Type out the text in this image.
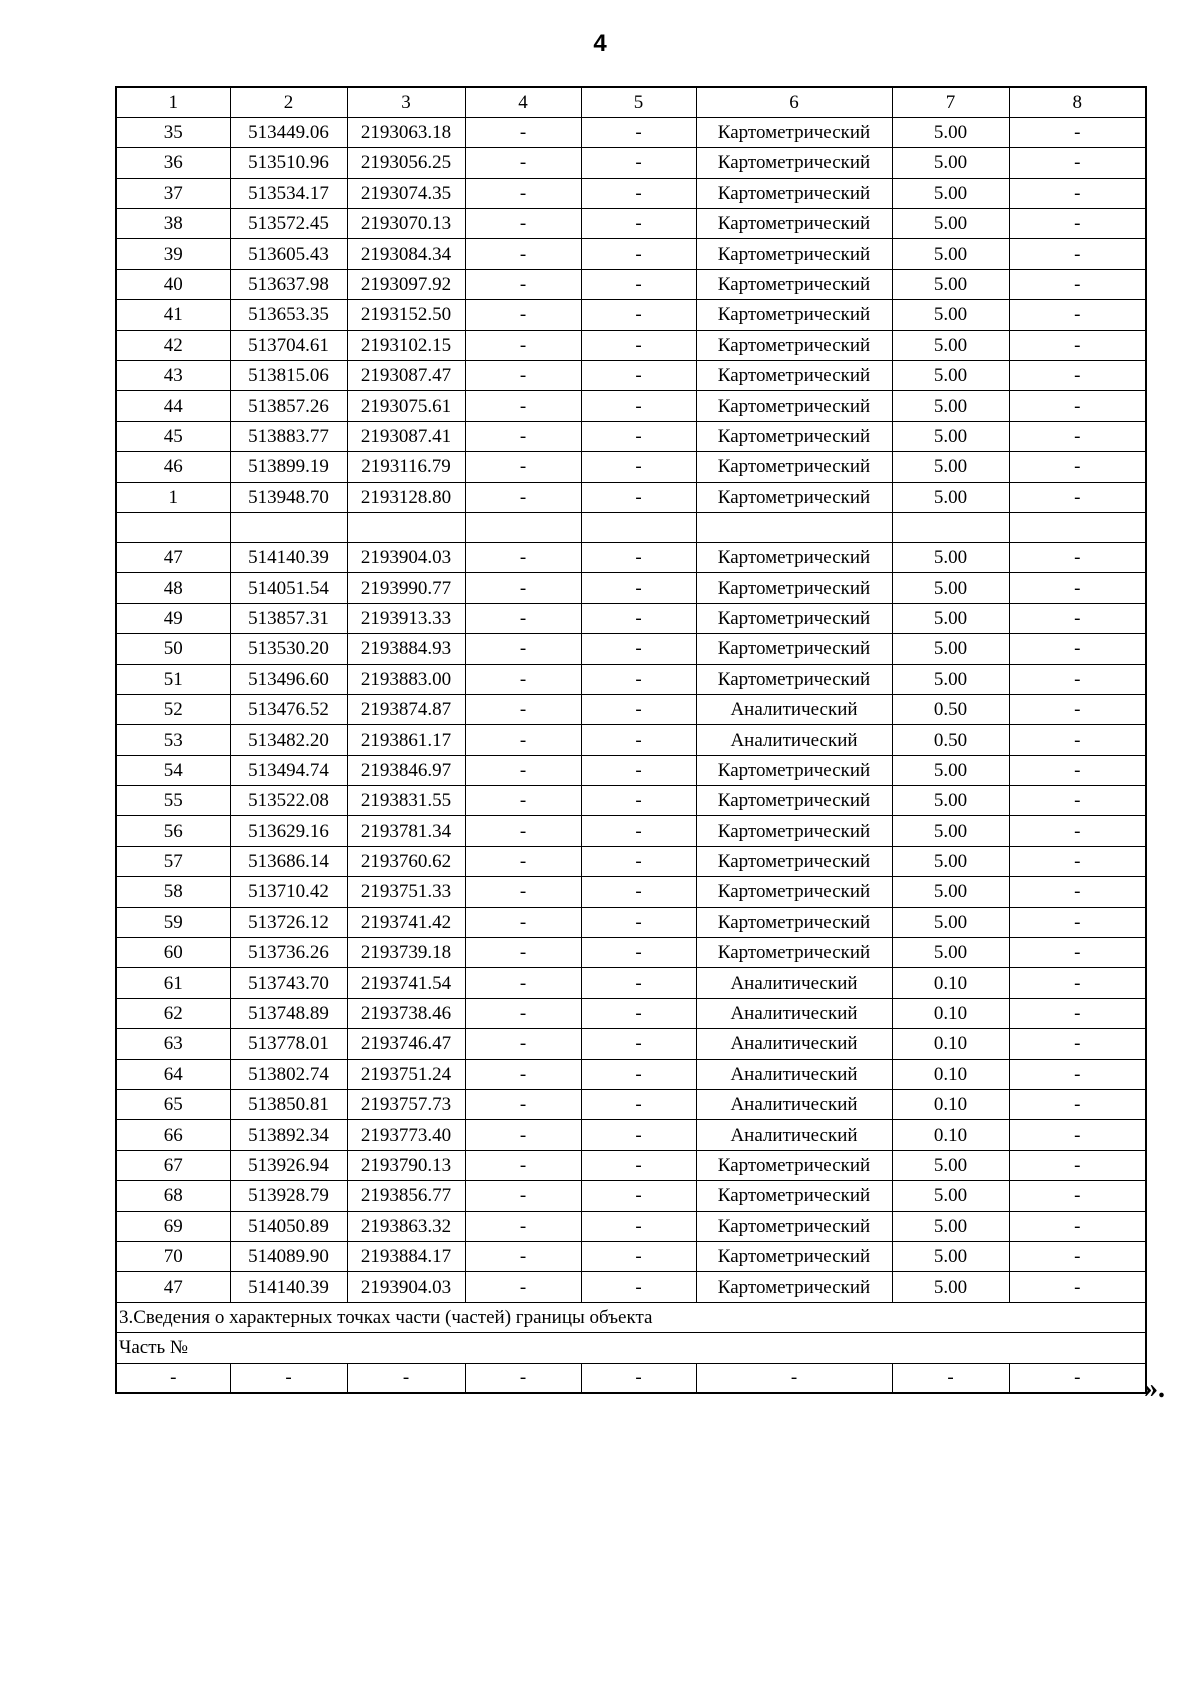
4
1	2	3	4	5	6	7	8
35	513449.06	2193063.18	-	-	Картометрический	5.00	-
36	513510.96	2193056.25	-	-	Картометрический	5.00	-
37	513534.17	2193074.35	-	-	Картометрический	5.00	-
38	513572.45	2193070.13	-	-	Картометрический	5.00	-
39	513605.43	2193084.34	-	-	Картометрический	5.00	-
40	513637.98	2193097.92	-	-	Картометрический	5.00	-
41	513653.35	2193152.50	-	-	Картометрический	5.00	-
42	513704.61	2193102.15	-	-	Картометрический	5.00	-
43	513815.06	2193087.47	-	-	Картометрический	5.00	-
44	513857.26	2193075.61	-	-	Картометрический	5.00	-
45	513883.77	2193087.41	-	-	Картометрический	5.00	-
46	513899.19	2193116.79	-	-	Картометрический	5.00	-
1	513948.70	2193128.80	-	-	Картометрический	5.00	-

47	514140.39	2193904.03	-	-	Картометрический	5.00	-
48	514051.54	2193990.77	-	-	Картометрический	5.00	-
49	513857.31	2193913.33	-	-	Картометрический	5.00	-
50	513530.20	2193884.93	-	-	Картометрический	5.00	-
51	513496.60	2193883.00	-	-	Картометрический	5.00	-
52	513476.52	2193874.87	-	-	Аналитический	0.50	-
53	513482.20	2193861.17	-	-	Аналитический	0.50	-
54	513494.74	2193846.97	-	-	Картометрический	5.00	-
55	513522.08	2193831.55	-	-	Картометрический	5.00	-
56	513629.16	2193781.34	-	-	Картометрический	5.00	-
57	513686.14	2193760.62	-	-	Картометрический	5.00	-
58	513710.42	2193751.33	-	-	Картометрический	5.00	-
59	513726.12	2193741.42	-	-	Картометрический	5.00	-
60	513736.26	2193739.18	-	-	Картометрический	5.00	-
61	513743.70	2193741.54	-	-	Аналитический	0.10	-
62	513748.89	2193738.46	-	-	Аналитический	0.10	-
63	513778.01	2193746.47	-	-	Аналитический	0.10	-
64	513802.74	2193751.24	-	-	Аналитический	0.10	-
65	513850.81	2193757.73	-	-	Аналитический	0.10	-
66	513892.34	2193773.40	-	-	Аналитический	0.10	-
67	513926.94	2193790.13	-	-	Картометрический	5.00	-
68	513928.79	2193856.77	-	-	Картометрический	5.00	-
69	514050.89	2193863.32	-	-	Картометрический	5.00	-
70	514089.90	2193884.17	-	-	Картометрический	5.00	-
47	514140.39	2193904.03	-	-	Картометрический	5.00	-
3.Сведения о характерных точках части (частей) границы объекта							
Часть №							
-	-	-	-	-	-	-	- ».
